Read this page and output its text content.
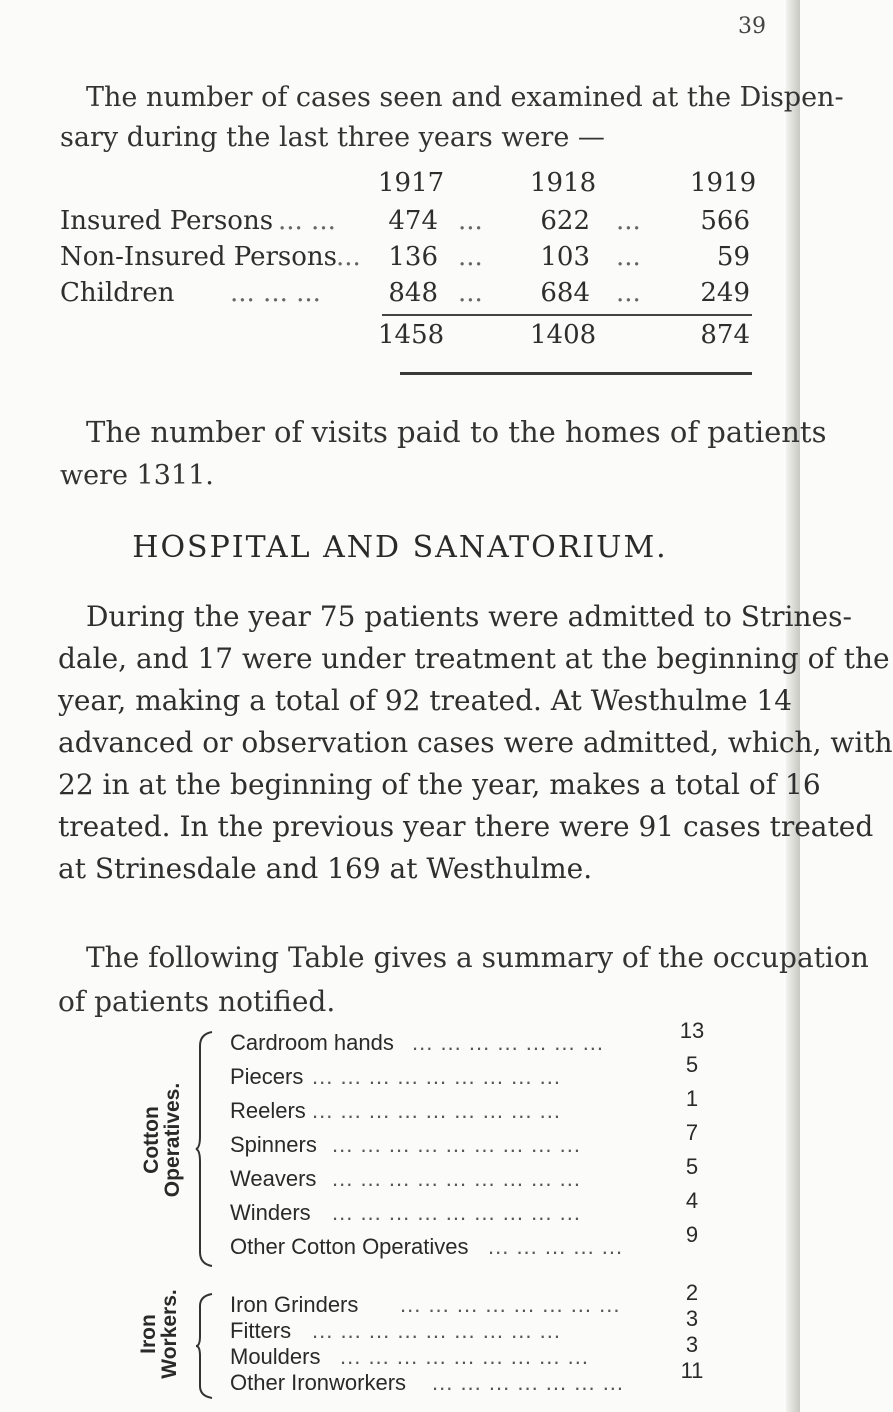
39

The number of cases seen and examined at the Dispen-

sary during the last three years were —

1917	1918	1919
Insured Persons ... ...	474 ...	622 ...	566
Non-Insured Persons ...	136 ...	103 ...	59
Children ... ... ...	848 ...	684 ...	249
1458	1408	874

The number of visits paid to the homes of patients

were 1311.

HOSPITAL AND SANATORIUM.
During the year 75 patients were admitted to Strines-
dale, and 17 were under treatment at the beginning of the
year, making a total of 92 treated. At Westhulme 14
advanced or observation cases were admitted, which, with
22 in at the beginning of the year, makes a total of 16
treated. In the previous year there were 91 cases treated
at Strinesdale and 169 at Westhulme.

The following Table gives a summary of the occupation

of patients notified.

Cotton Operatives.
Cardroom hands ... ... ... ... ... ... ...	13
Piecers ... ... ... ... ... ... ... ... ...	5
Reelers ... ... ... ... ... ... ... ... ...	1
Spinners ... ... ... ... ... ... ... ... ...	7
Weavers ... ... ... ... ... ... ... ... ...	5
Winders ... ... ... ... ... ... ... ... ...	4
Other Cotton Operatives ... ... ... ... ...	9
Iron Workers. Iron Grinders ... ... ... ... ... ... ... ...	2
Fitters ... ... ... ... ... ... ... ... ...	3
Moulders ... ... ... ... ... ... ... ... ...	3
Other Ironworkers ... ... ... ... ... ... ...	11
